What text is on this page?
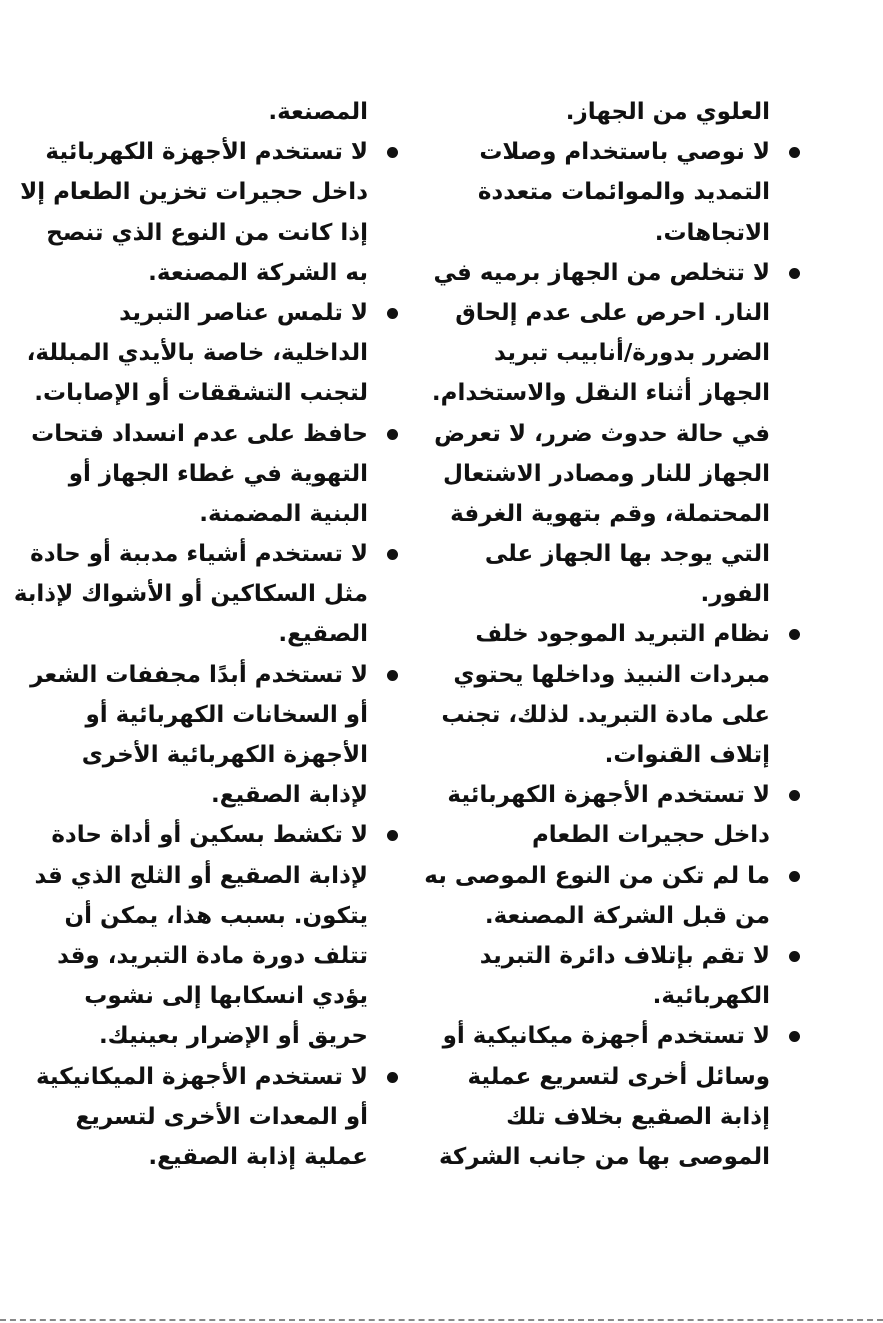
العلوي من الجهاز.
لا نوصي باستخدام وصلات
التمديد والموائمات متعددة
الاتجاهات.
لا تتخلص من الجهاز برميه في
النار. احرص على عدم إلحاق
الضرر بدورة/أنابيب تبريد
الجهاز أثناء النقل والاستخدام.
في حالة حدوث ضرر، لا تعرض
الجهاز للنار ومصادر الاشتعال
المحتملة، وقم بتهوية الغرفة
التي يوجد بها الجهاز على
الفور.
نظام التبريد الموجود خلف
مبردات النبيذ وداخلها يحتوي
على مادة التبريد. لذلك، تجنب
إتلاف القنوات.
لا تستخدم الأجهزة الكهربائية
داخل حجيرات الطعام
ما لم تكن من النوع الموصى به
من قبل الشركة المصنعة.
لا تقم بإتلاف دائرة التبريد
الكهربائية.
لا تستخدم أجهزة ميكانيكية أو
وسائل أخرى لتسريع عملية
إذابة الصقيع بخلاف تلك
الموصى بها من جانب الشركة
المصنعة.
لا تستخدم الأجهزة الكهربائية
داخل حجيرات تخزين الطعام إلا
إذا كانت من النوع الذي تنصح
به الشركة المصنعة.
لا تلمس عناصر التبريد
الداخلية، خاصة بالأيدي المبللة،
لتجنب التشققات أو الإصابات.
حافظ على عدم انسداد فتحات
التهوية في غطاء الجهاز أو
البنية المضمنة.
لا تستخدم أشياء مدببة أو حادة
مثل السكاكين أو الأشواك لإذابة
الصقيع.
لا تستخدم أبدًا مجففات الشعر
أو السخانات الكهربائية أو
الأجهزة الكهربائية الأخرى
لإذابة الصقيع.
لا تكشط بسكين أو أداة حادة
لإذابة الصقيع أو الثلج الذي قد
يتكون. بسبب هذا، يمكن أن
تتلف دورة مادة التبريد، وقد
يؤدي انسكابها إلى نشوب
حريق أو الإضرار بعينيك.
لا تستخدم الأجهزة الميكانيكية
أو المعدات الأخرى لتسريع
عملية إذابة الصقيع.
